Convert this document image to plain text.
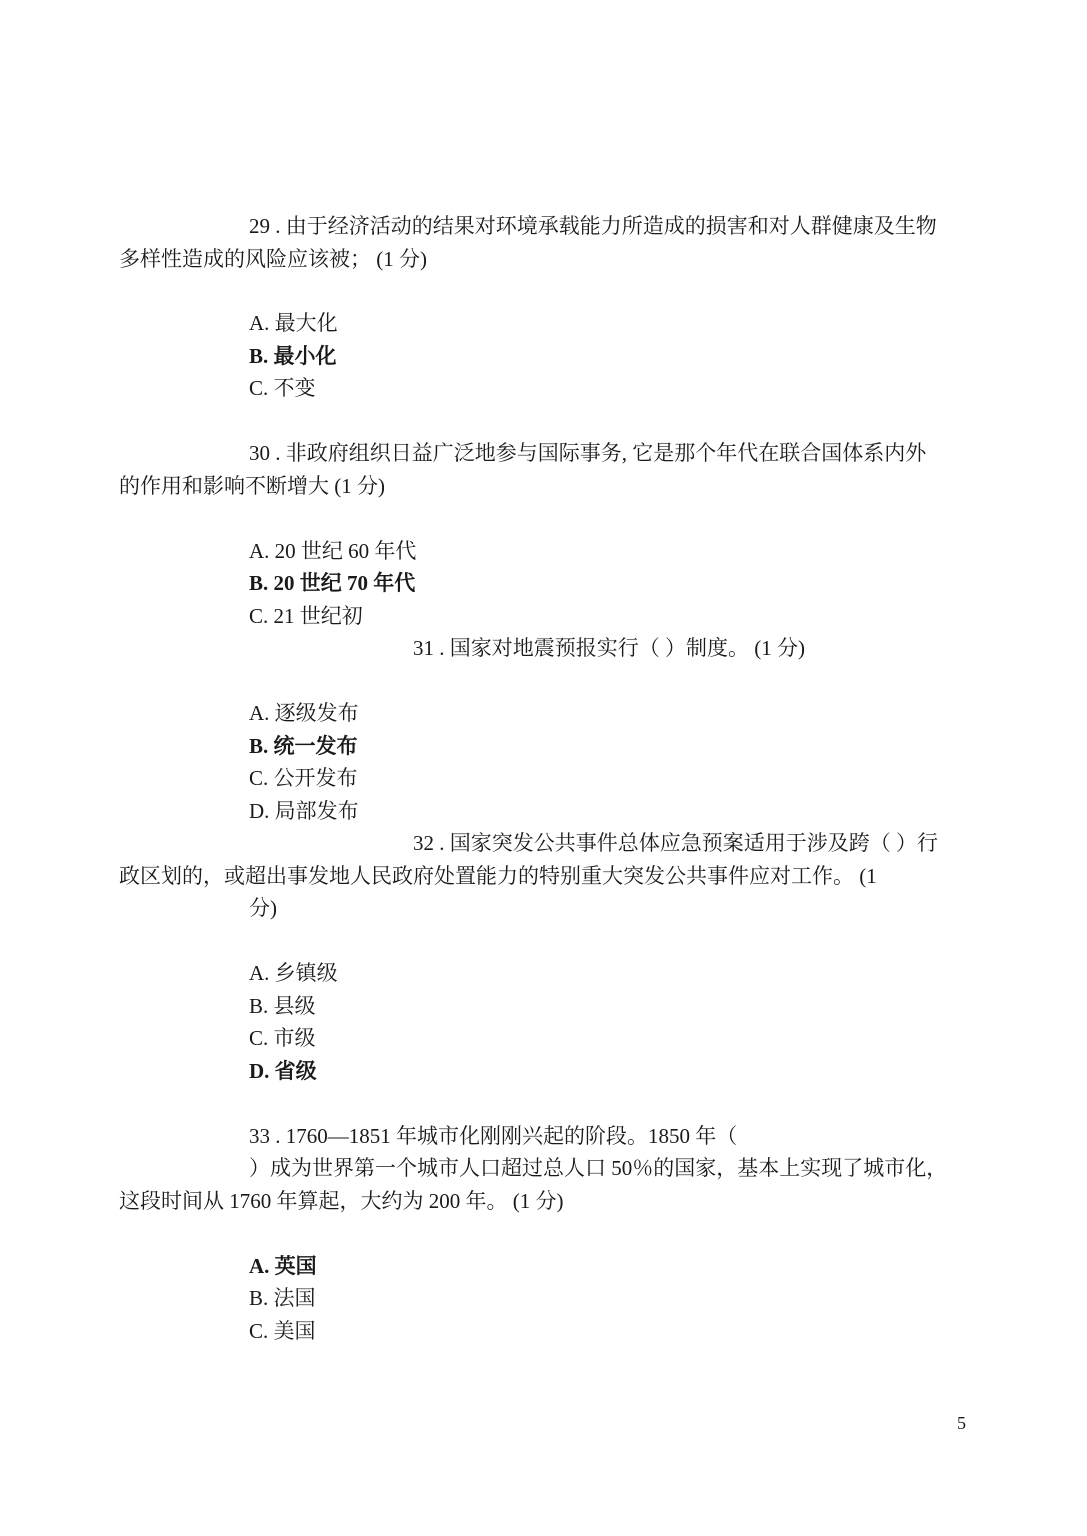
29 . 由于经济活动的结果对环境承载能力所造成的损害和对人群健康及生物
多样性造成的风险应该被； (1 分)
A. 最大化
B. 最小化
C. 不变
30 . 非政府组织日益广泛地参与国际事务, 它是那个年代在联合国体系内外
的作用和影响不断增大 (1 分)
A. 20 世纪 60 年代
B. 20 世纪 70 年代
C. 21 世纪初
31 . 国家对地震预报实行（ ）制度。 (1 分)
A. 逐级发布
B. 统一发布
C. 公开发布
D. 局部发布
32 . 国家突发公共事件总体应急预案适用于涉及跨（ ）行
政区划的，或超出事发地人民政府处置能力的特别重大突发公共事件应对工作。 (1
分)
A. 乡镇级
B. 县级
C. 市级
D. 省级
33 . 1760—1851 年城市化刚刚兴起的阶段。1850 年（
）成为世界第一个城市人口超过总人口 50％的国家，基本上实现了城市化，
这段时间从 1760 年算起，大约为 200 年。 (1 分)
A. 英国
B. 法国
C. 美国
5
